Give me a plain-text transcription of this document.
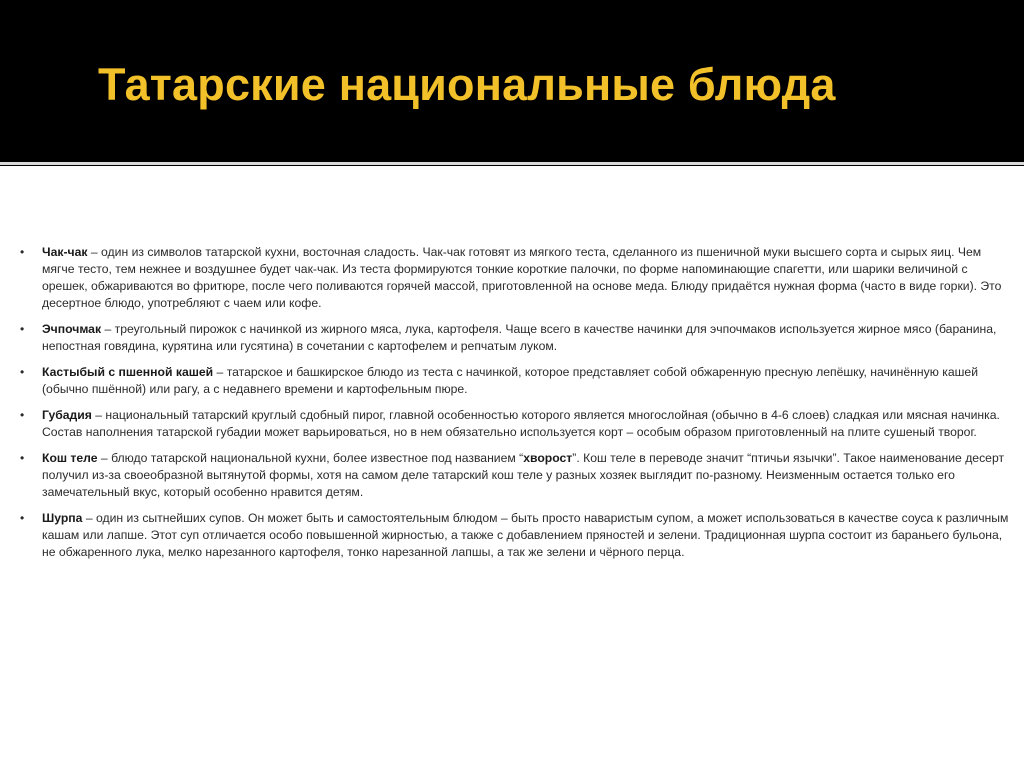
Татарские национальные блюда
•	Чак-чак – один из символов татарской кухни, восточная сладость. Чак-чак готовят из мягкого теста, сделанного из пшеничной муки высшего сорта и сырых яиц. Чем мягче тесто, тем нежнее и воздушнее будет чак-чак. Из теста формируются тонкие короткие палочки, по форме напоминающие спагетти, или шарики величиной с орешек, обжариваются во фритюре, после чего поливаются горячей массой, приготовленной на основе меда. Блюду придаётся нужная форма (часто в виде горки). Это десертное блюдо, употребляют с чаем или кофе.
•	Эчпочмак – треугольный пирожок с начинкой из жирного мяса, лука, картофеля. Чаще всего в качестве начинки для эчпочмаков используется жирное мясо (баранина, непостная говядина, курятина или гусятина) в сочетании с картофелем и репчатым луком.
•	Кастыбый с пшенной кашей – татарское и башкирское блюдо из теста с начинкой, которое представляет собой обжаренную пресную лепёшку, начинённую кашей (обычно пшённой) или рагу, а с недавнего времени и картофельным пюре.
•	Губадия – национальный татарский круглый сдобный пирог, главной особенностью которого является многослойная (обычно в 4-6 слоев) сладкая или мясная начинка. Состав наполнения татарской губадии может варьироваться, но в нем обязательно используется корт – особым образом приготовленный на плите сушеный творог.
•	Кош теле – блюдо татарской национальной кухни, более известное под названием “хворост”. Кош теле в переводе значит “птичьи язычки”. Такое наименование десерт получил из-за своеобразной вытянутой формы, хотя на самом деле татарский кош теле у разных хозяек выглядит по-разному. Неизменным остается только его замечательный вкус, который особенно нравится детям.
•	Шурпа – один из сытнейших супов. Он может быть и самостоятельным блюдом – быть просто наваристым супом, а может использоваться в качестве соуса к различным кашам или лапше. Этот суп отличается особо повышенной жирностью, а также с добавлением пряностей и зелени. Традиционная шурпа состоит из бараньего бульона, не обжаренного лука, мелко нарезанного картофеля, тонко нарезанной лапшы, а так же зелени и чёрного перца.
